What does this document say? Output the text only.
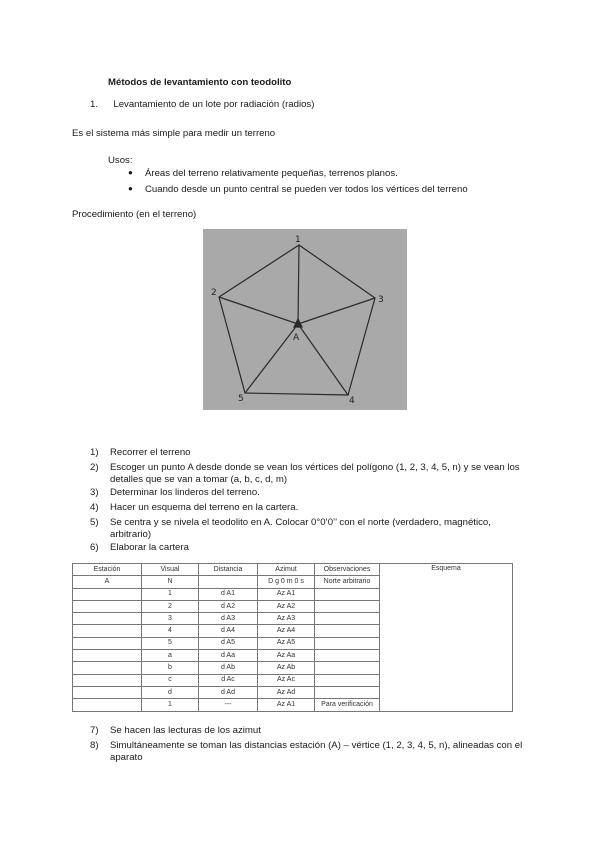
Métodos de levantamiento con teodolito
1. Levantamiento de un lote por radiación (radios)
Es el sistema más simple para medir un terreno
Usos:
● Áreas del terreno relativamente pequeñas, terrenos planos.
● Cuando desde un punto central se pueden ver todos los vértices del terreno
Procedimiento (en el terreno)
1
2
3
4
5
A
1) Recorrer el terreno
2) Escoger un punto A desde donde se vean los vértices del polígono (1, 2, 3, 4, 5, n) y se vean los detalles que se van a tomar (a, b, c, d, m)
3) Determinar los linderos del terreno.
4) Hacer un esquema del terreno en la cartera.
5) Se centra y se nivela el teodolito en A. Colocar 0°0’0’’ con el norte (verdadero, magnético, arbitrario)
6) Elaborar la cartera
Estación	Visual	Distancia	Azimut	Observaciones	Esquema
A	N		D g 0 m 0 s	Norte arbitrario	
	1	d A1	Az A1		
	2	d A2	Az A2		
	3	d A3	Az A3		
	4	d A4	Az A4		
	5	d A5	Az A5		
	a	d Aa	Az Aa		
	b	d Ab	Az Ab		
	c	d Ac	Az Ac		
	d	d Ad	Az Ad		
	1	---	Az A1	Para verificación	
7) Se hacen las lecturas de los azimut
8) Simultáneamente se toman las distancias estación (A) – vértice (1, 2, 3, 4, 5, n), alineadas con el aparato
